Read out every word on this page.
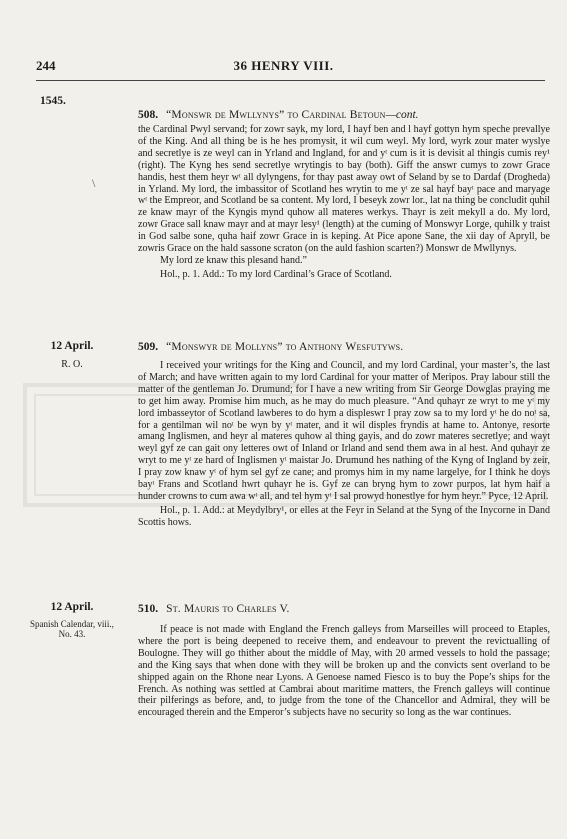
244	36 HENRY VIII.
1545.
508. “Monswr de Mwllynys” to Cardinal Betoun—cont.

the Cardinal Pwyl servand; for zowr sayk, my lord, I hayf ben and l hayf gottyn hym speche prevallye of the King. And all thing be is he hes promysit, it wil cum weyl. My lord, wyrk zour mater wyslye and secretlye is ze weyl can in Yrland and Ingland, for and yᵗ cum is it is devisit al thingis cumis rey¹ (right). The Kyng hes send secretlye wrytingis to bay (both). Giff the answr cumys to zowr Grace handis, hest them heyr wᵗ all dylyngens, for thay past away owt of Seland by se to Dardaf (Drogheda) in Yrland. My lord, the imbassitor of Scotland hes wrytin to me yᵗ ze sal hayf bayᵗ pace and maryage wᵗ the Empreor, and Scotland be sa content. My lord, I beseyk zowr lor., lat na thing be concludit quhil ze knaw mayr of the Kyngis mynd quhow all materes werkys. Thayr is zeit mekyll a do. My lord, zowr Grace sall knaw mayr and at mayr lesy¹ (length) at the cuming of Monswyr Lorge, quhilk y traist in God salbe sone, quha haif zowr Grace in is keping. At Pice apone Sane, the xii day of Apryll, be zowris Grace on the hald sassone scraton (on the auld fashion scarten?) Monswr de Mwllynys.

My lord ze knaw this plesand hand.”

Hol., p. 1. Add.: To my lord Cardinal’s Grace of Scotland.

\
12 April.
R. O.
509. “Monswyr de Mollyns” to Anthony Wesfutyws.

I received your writings for the King and Council, and my lord Cardinal, your master’s, the last of March; and have written again to my lord Cardinal for your matter of Meripos. Pray labour still the matter of the gentleman Jo. Drumund; for I have a new writing from Sir George Dowglas praying me to get him away. Promise him much, as he may do much pleasure. “And quhayr ze wryt to me yᵗ my lord imbasseytor of Scotland lawberes to do hym a displeswr I pray zow sa to my lord yᵗ he do noᵗ sa, for a gentilman wil noᵗ be wyn by yᵗ mater, and it wil disples fryndis at hame to. Antonye, resorte amang Inglismen, and heyr al materes quhow al thing gayis, and do zowr materes secretlye; and wayt weyl gyf ze can gait ony letteres owt of Inland or Irland and send them awa in al hest. And quhayr ze wryt to me yᵗ ze hard of Inglismen yᵗ maistar Jo. Drumund hes nathing of the Kyng of Ingland by zeir, I pray zow knaw yᵗ of hym sel gyf ze cane; and promys him in my name largelye, for I think he doys bayᵗ Frans and Scotland hwrt quhayr he is. Gyf ze can bryng hym to zowr purpos, lat hym haif a hunder crowns to cum awa wᵗ all, and tel hym yᵗ I sal prowyd honestlye for hym heyr.” Pyce, 12 April.

Hol., p. 1. Add.: at Meydylbry¹, or elles at the Feyr in Seland at the Syng of the Inycorne in Dand Scottis hows.

12 April.
Spanish Calendar, viii., No. 43.
510. St. Mauris to Charles V.

If peace is not made with England the French galleys from Marseilles will proceed to Etaples, where the port is being deepened to receive them, and endeavour to prevent the revictualling of Boulogne. They will go thither about the middle of May, with 20 armed vessels to hold the passage; and the King says that when done with they will be broken up and the convicts sent overland to be shipped again on the Rhone near Lyons. A Genoese named Fiesco is to buy the Pope’s ships for the French. As nothing was settled at Cambrai about maritime matters, the French galleys will continue their pilferings as before, and, to judge from the tone of the Chancellor and Admiral, they will be encouraged therein and the Emperor’s subjects have no security so long as the war continues.
